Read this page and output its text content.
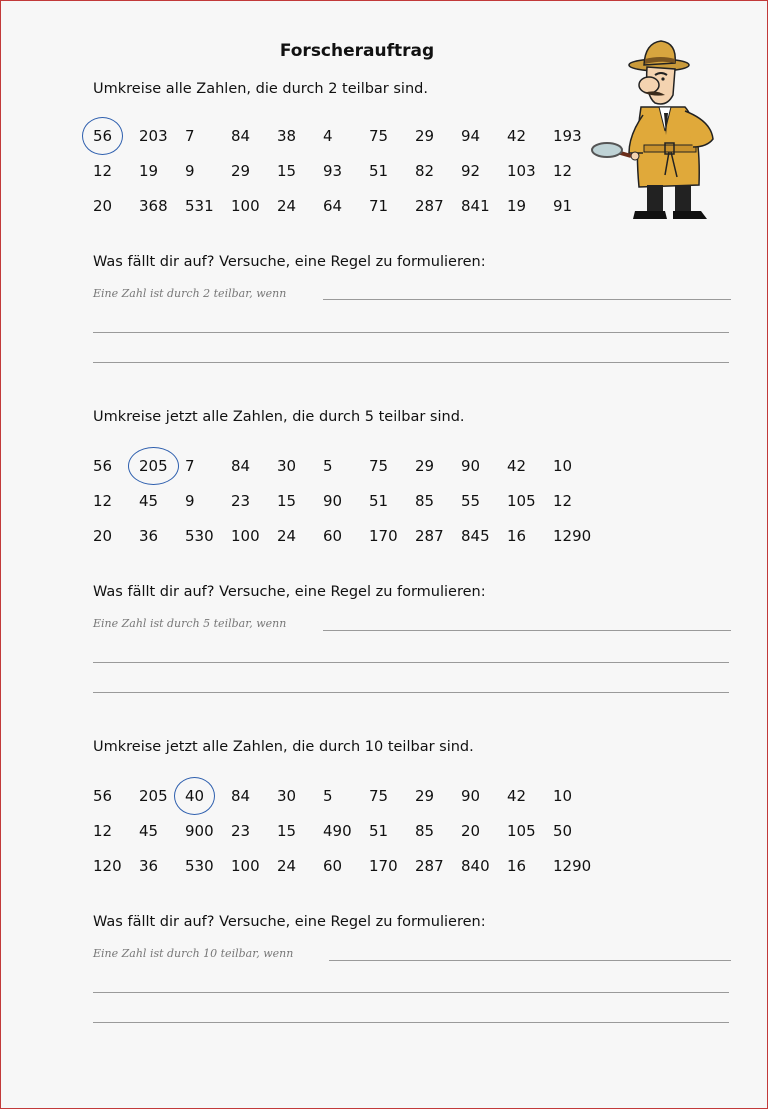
Forscherauftrag
Umkreise alle Zahlen, die durch 2 teilbar sind.
56 203 7 84 38 4 75 29 94 42 193
12 19 9 29 15 93 51 82 92 103 12
20 368 531 100 24 64 71 287 841 19 91
Was fällt dir auf? Versuche, eine Regel zu formulieren:
Eine Zahl ist durch 2 teilbar, wenn
Umkreise jetzt alle Zahlen, die durch 5 teilbar sind.
56 205 7 84 30 5 75 29 90 42 10
12 45 9 23 15 90 51 85 55 105 12
20 36 530 100 24 60 170 287 845 16 1290
Was fällt dir auf? Versuche, eine Regel zu formulieren:
Eine Zahl ist durch 5 teilbar, wenn
Umkreise jetzt alle Zahlen, die durch 10 teilbar sind.
56 205 40 84 30 5 75 29 90 42 10
12 45 900 23 15 490 51 85 20 105 50
120 36 530 100 24 60 170 287 840 16 1290
Was fällt dir auf? Versuche, eine Regel zu formulieren:
Eine Zahl ist durch 10 teilbar, wenn
